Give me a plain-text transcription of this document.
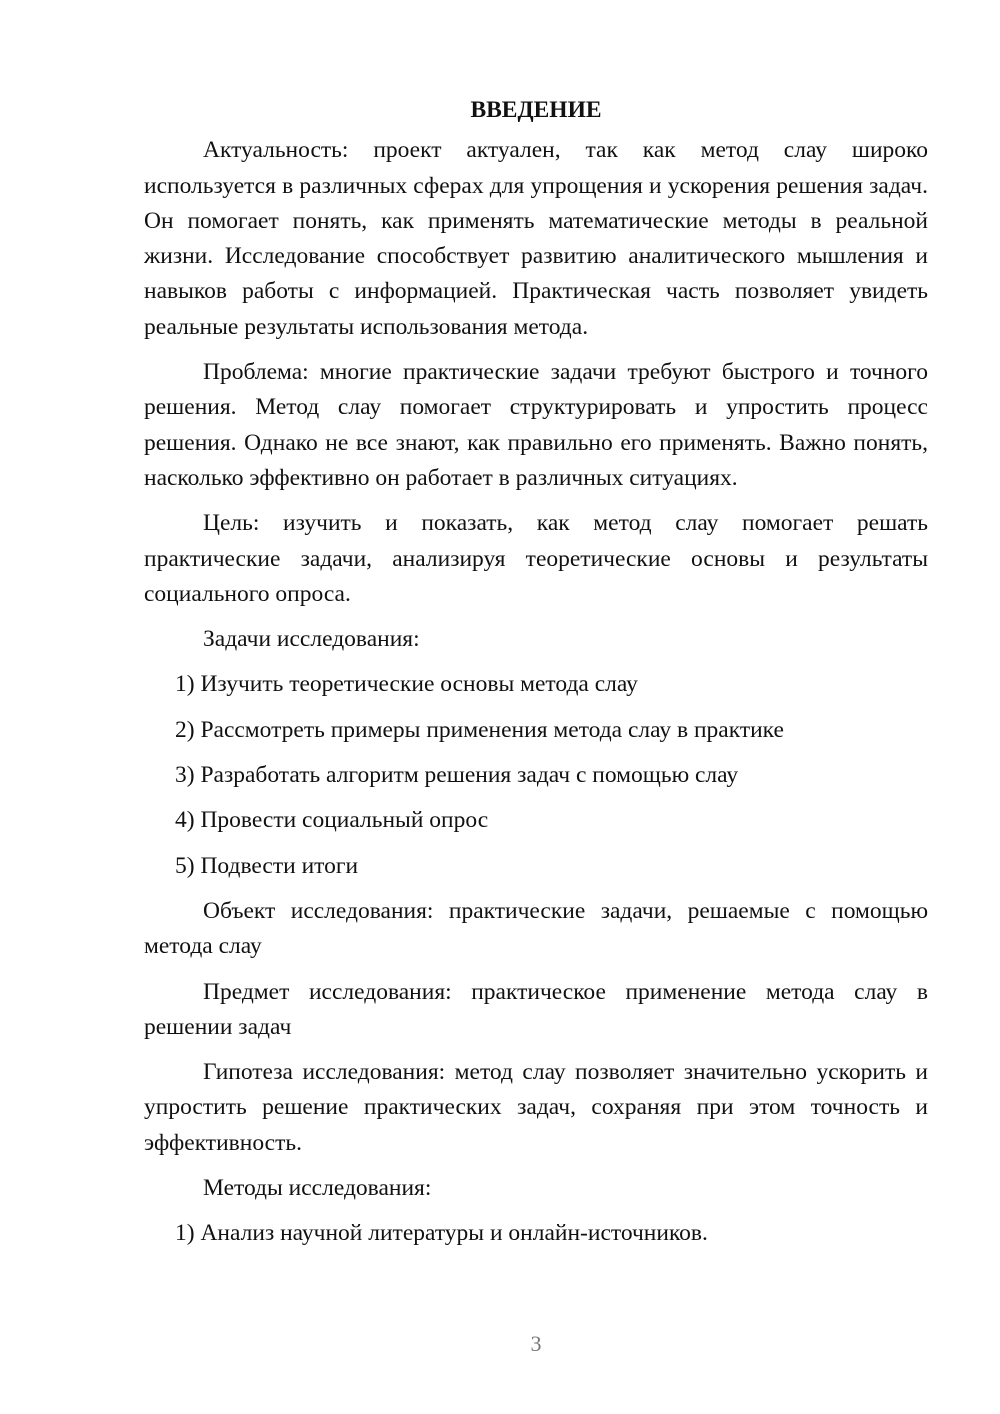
ВВЕДЕНИЕ

Актуальность: проект актуален, так как метод слау широко используется в различных сферах для упрощения и ускорения решения задач. Он помогает понять, как применять математические методы в реальной жизни. Исследование способствует развитию аналитического мышления и навыков работы с информацией. Практическая часть позволяет увидеть реальные результаты использования метода.

Проблема: многие практические задачи требуют быстрого и точного решения. Метод слау помогает структурировать и упростить процесс решения. Однако не все знают, как правильно его применять. Важно понять, насколько эффективно он работает в различных ситуациях.

Цель: изучить и показать, как метод слау помогает решать практические задачи, анализируя теоретические основы и результаты социального опроса.

Задачи исследования:

1) Изучить теоретические основы метода слау

2) Рассмотреть примеры применения метода слау в практике

3) Разработать алгоритм решения задач с помощью слау

4) Провести социальный опрос

5) Подвести итоги

Объект исследования: практические задачи, решаемые с помощью метода слау

Предмет исследования: практическое применение метода слау в решении задач

Гипотеза исследования: метод слау позволяет значительно ускорить и упростить решение практических задач, сохраняя при этом точность и эффективность.

Методы исследования:

1) Анализ научной литературы и онлайн-источников.

3
